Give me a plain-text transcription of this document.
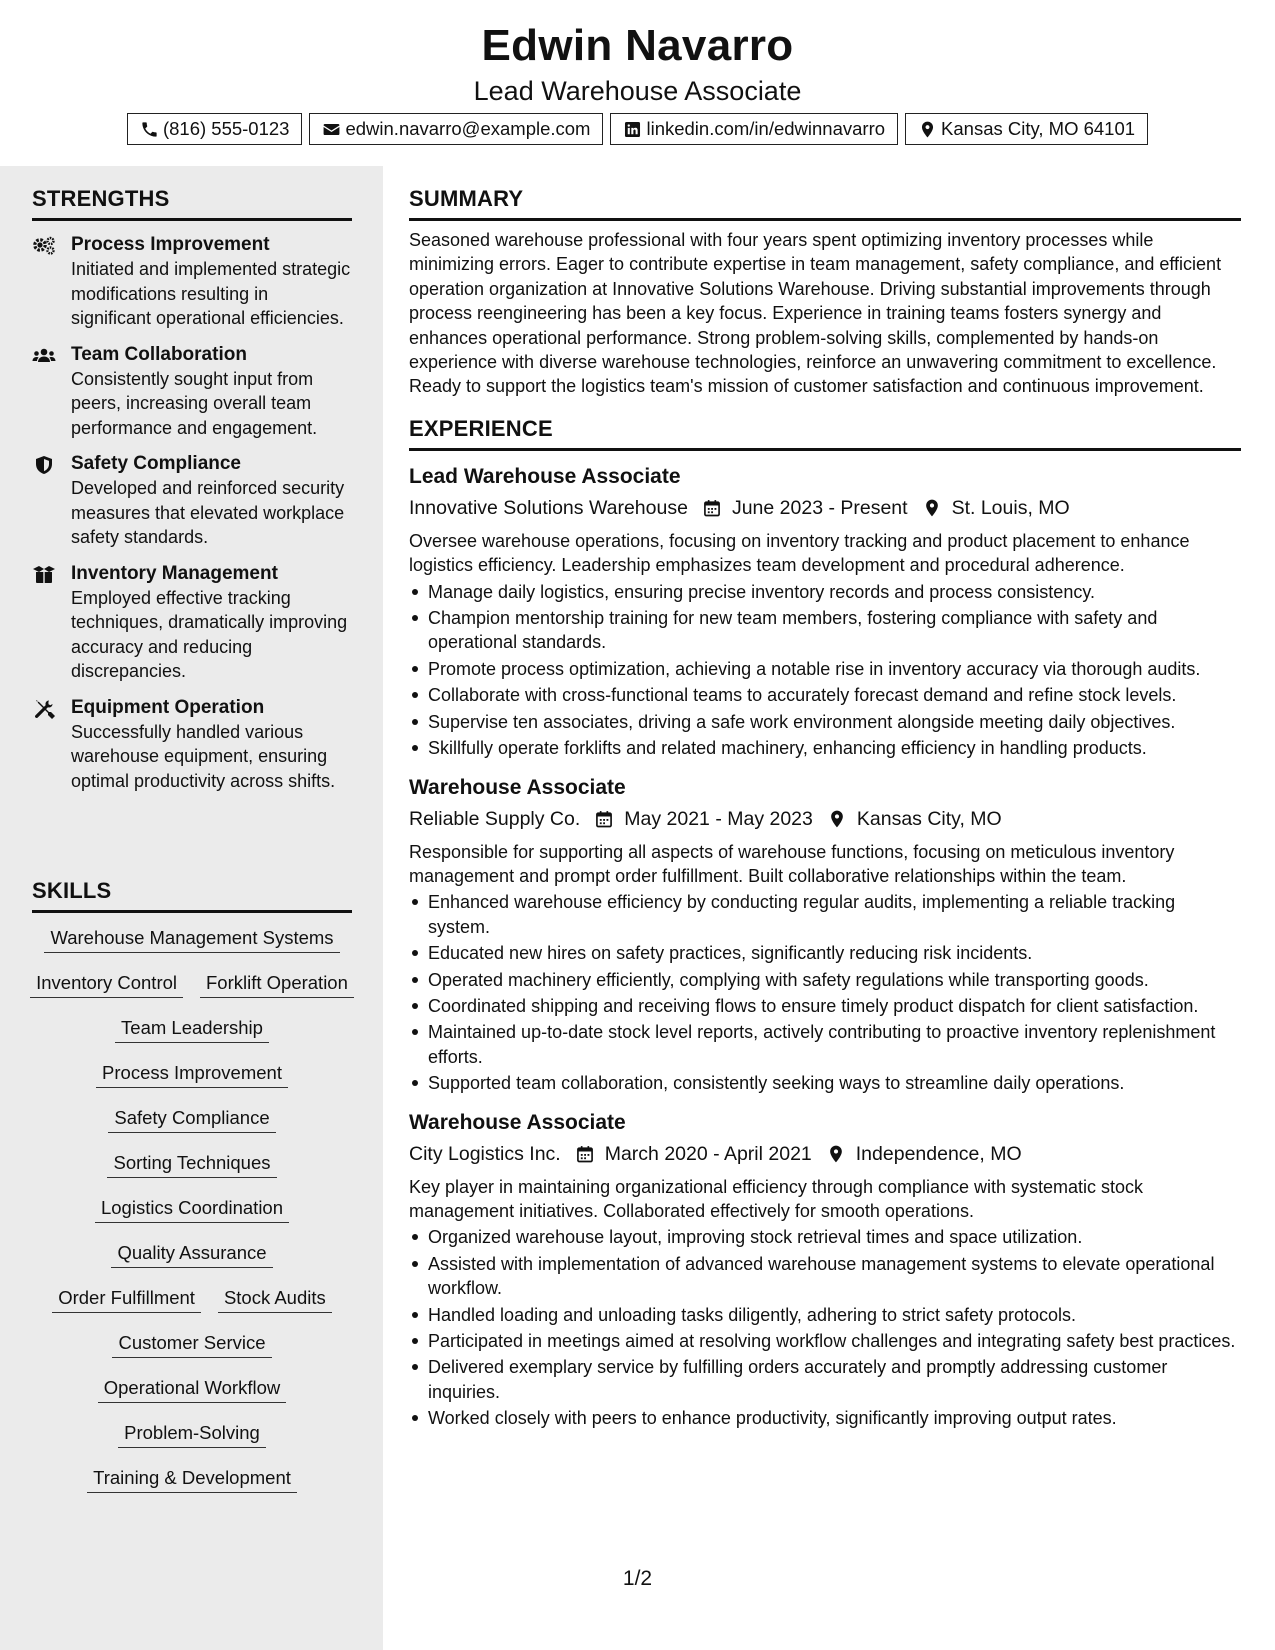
Edwin Navarro
Lead Warehouse Associate
(816) 555-0123	edwin.navarro@example.com	linkedin.com/in/edwinnavarro	Kansas City, MO 64101
STRENGTHS
Process Improvement
Initiated and implemented strategic modifications resulting in significant operational efficiencies.
Team Collaboration
Consistently sought input from peers, increasing overall team performance and engagement.
Safety Compliance
Developed and reinforced security measures that elevated workplace safety standards.
Inventory Management
Employed effective tracking techniques, dramatically improving accuracy and reducing discrepancies.
Equipment Operation
Successfully handled various warehouse equipment, ensuring optimal productivity across shifts.
SKILLS
Warehouse Management Systems
Inventory Control	Forklift Operation
Team Leadership
Process Improvement
Safety Compliance
Sorting Techniques
Logistics Coordination
Quality Assurance
Order Fulfillment	Stock Audits
Customer Service
Operational Workflow
Problem-Solving
Training & Development
SUMMARY

Seasoned warehouse professional with four years spent optimizing inventory processes while minimizing errors. Eager to contribute expertise in team management, safety compliance, and efficient operation organization at Innovative Solutions Warehouse. Driving substantial improvements through process reengineering has been a key focus. Experience in training teams fosters synergy and enhances operational performance. Strong problem-solving skills, complemented by hands-on experience with diverse warehouse technologies, reinforce an unwavering commitment to excellence. Ready to support the logistics team's mission of customer satisfaction and continuous improvement.

EXPERIENCE
Lead Warehouse Associate
Innovative Solutions Warehouse June 2023 - Present St. Louis, MO
Oversee warehouse operations, focusing on inventory tracking and product placement to enhance logistics efficiency. Leadership emphasizes team development and procedural adherence.
Manage daily logistics, ensuring precise inventory records and process consistency.
Champion mentorship training for new team members, fostering compliance with safety and operational standards.
Promote process optimization, achieving a notable rise in inventory accuracy via thorough audits.
Collaborate with cross-functional teams to accurately forecast demand and refine stock levels.
Supervise ten associates, driving a safe work environment alongside meeting daily objectives.
Skillfully operate forklifts and related machinery, enhancing efficiency in handling products.
Warehouse Associate
Reliable Supply Co. May 2021 - May 2023 Kansas City, MO
Responsible for supporting all aspects of warehouse functions, focusing on meticulous inventory management and prompt order fulfillment. Built collaborative relationships within the team.
Enhanced warehouse efficiency by conducting regular audits, implementing a reliable tracking system.
Educated new hires on safety practices, significantly reducing risk incidents.
Operated machinery efficiently, complying with safety regulations while transporting goods.
Coordinated shipping and receiving flows to ensure timely product dispatch for client satisfaction.
Maintained up-to-date stock level reports, actively contributing to proactive inventory replenishment efforts.
Supported team collaboration, consistently seeking ways to streamline daily operations.
Warehouse Associate
City Logistics Inc. March 2020 - April 2021 Independence, MO
Key player in maintaining organizational efficiency through compliance with systematic stock management initiatives. Collaborated effectively for smooth operations.
Organized warehouse layout, improving stock retrieval times and space utilization.
Assisted with implementation of advanced warehouse management systems to elevate operational workflow.
Handled loading and unloading tasks diligently, adhering to strict safety protocols.
Participated in meetings aimed at resolving workflow challenges and integrating safety best practices.
Delivered exemplary service by fulfilling orders accurately and promptly addressing customer inquiries.
Worked closely with peers to enhance productivity, significantly improving output rates.
1/2
